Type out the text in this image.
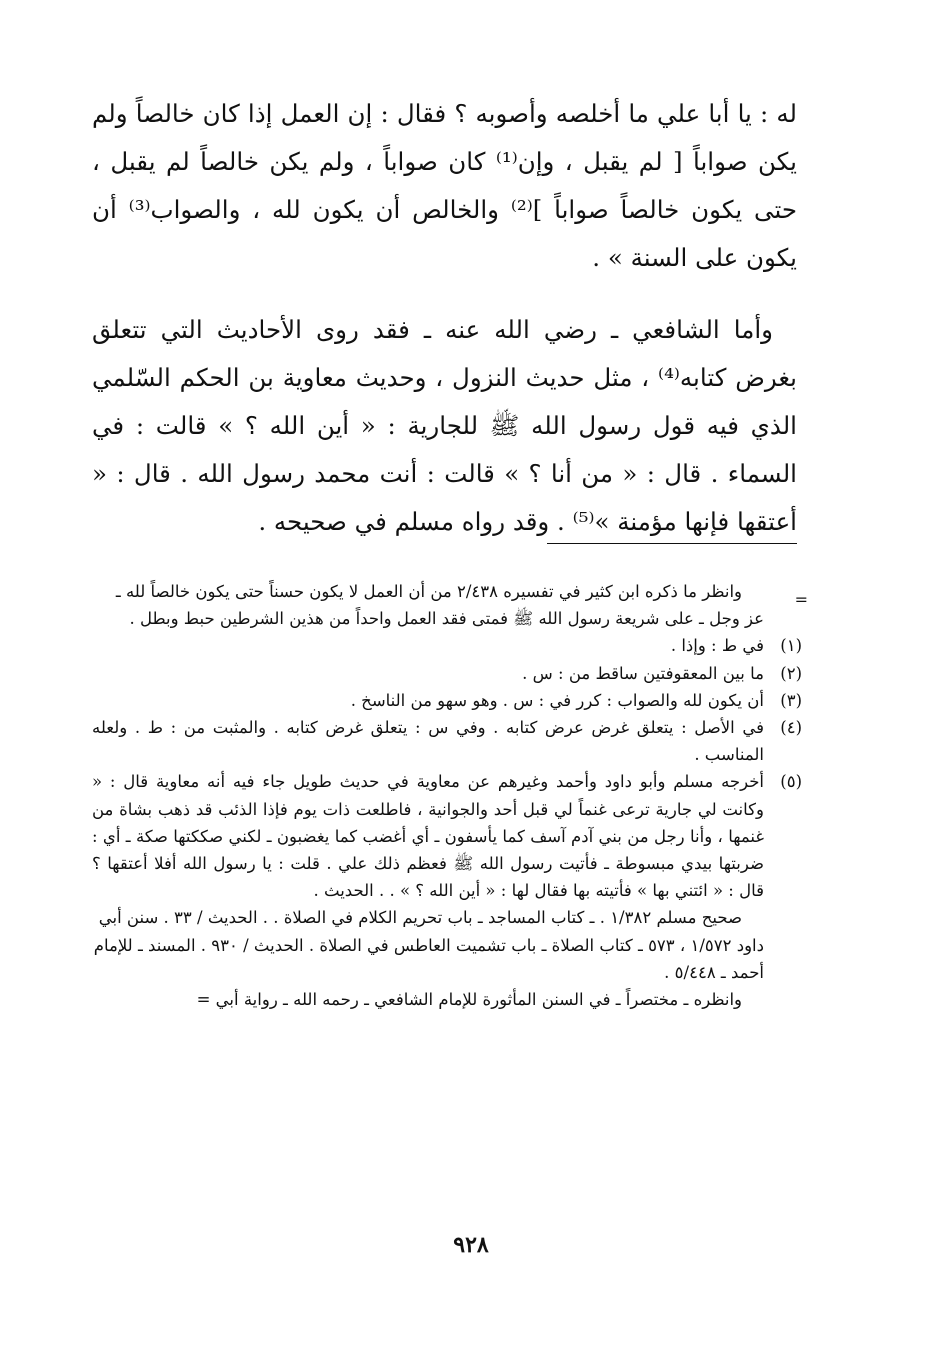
له : يا أبا علي ما أخلصه وأصوبه ؟ فقال : إن العمل إذا كان خالصاً ولم يكن صواباً [ لم يقبل ، وإن⁽¹⁾ كان صواباً ، ولم يكن خالصاً لم يقبل ، حتى يكون خالصاً صواباً ]⁽²⁾ والخالص أن يكون لله ، والصواب⁽³⁾ أن يكون على السنة » .

وأما الشافعي ـ رضي الله عنه ـ فقد روى الأحاديث التي تتعلق بغرض كتابه⁽⁴⁾ ، مثل حديث النزول ، وحديث معاوية بن الحكم السّلمي الذي فيه قول رسول الله ﷺ للجارية : « أين الله ؟ » قالت : في السماء . قال : « من أنا ؟ » قالت : أنت محمد رسول الله . قال : « أعتقها فإنها مؤمنة »⁽⁵⁾ . وقد رواه مسلم في صحيحه .

=
وانظر ما ذكره ابن كثير في تفسيره ٢/٤٣٨ من أن العمل لا يكون حسناً حتى يكون خالصاً لله ـ عز وجل ـ على شريعة رسول الله ﷺ فمتى فقد العمل واحداً من هذين الشرطين حبط وبطل .
(١)
في ط : وإذا .
(٢)
ما بين المعقوفتين ساقط من : س .
(٣)
أن يكون لله والصواب : كرر في : س . وهو سهو من الناسخ .
(٤)
في الأصل : يتعلق غرض عرض كتابه . وفي س : يتعلق غرض كتابه . والمثبت من : ط . ولعله المناسب .
(٥)
أخرجه مسلم وأبو داود وأحمد وغيرهم عن معاوية في حديث طويل جاء فيه أنه معاوية قال : « وكانت لي جارية ترعى غنماً لي قبل أحد والجوانية ، فاطلعت ذات يوم فإذا الذئب قد ذهب بشاة من غنمها ، وأنا رجل من بني آدم آسف كما يأسفون ـ أي أغضب كما يغضبون ـ لكني صككتها صكة ـ أي : ضربتها بيدي مبسوطة ـ فأتيت رسول الله ﷺ فعظم ذلك علي . قلت : يا رسول الله أفلا أعتقها ؟ قال : « ائتني بها » فأتيته بها فقال لها : « أين الله ؟ » . . الحديث .
صحيح مسلم ١/٣٨٢ . ـ كتاب المساجد ـ باب تحريم الكلام في الصلاة . . الحديث / ٣٣ . سنن أبي داود ١/٥٧٢ ، ٥٧٣ ـ كتاب الصلاة ـ باب تشميت العاطس في الصلاة . الحديث / ٩٣٠ . المسند ـ للإمام أحمد ـ ٥/٤٤٨ .
وانظره ـ مختصراً ـ في السنن المأثورة للإمام الشافعي ـ رحمه الله ـ رواية أبي =
٩٢٨
